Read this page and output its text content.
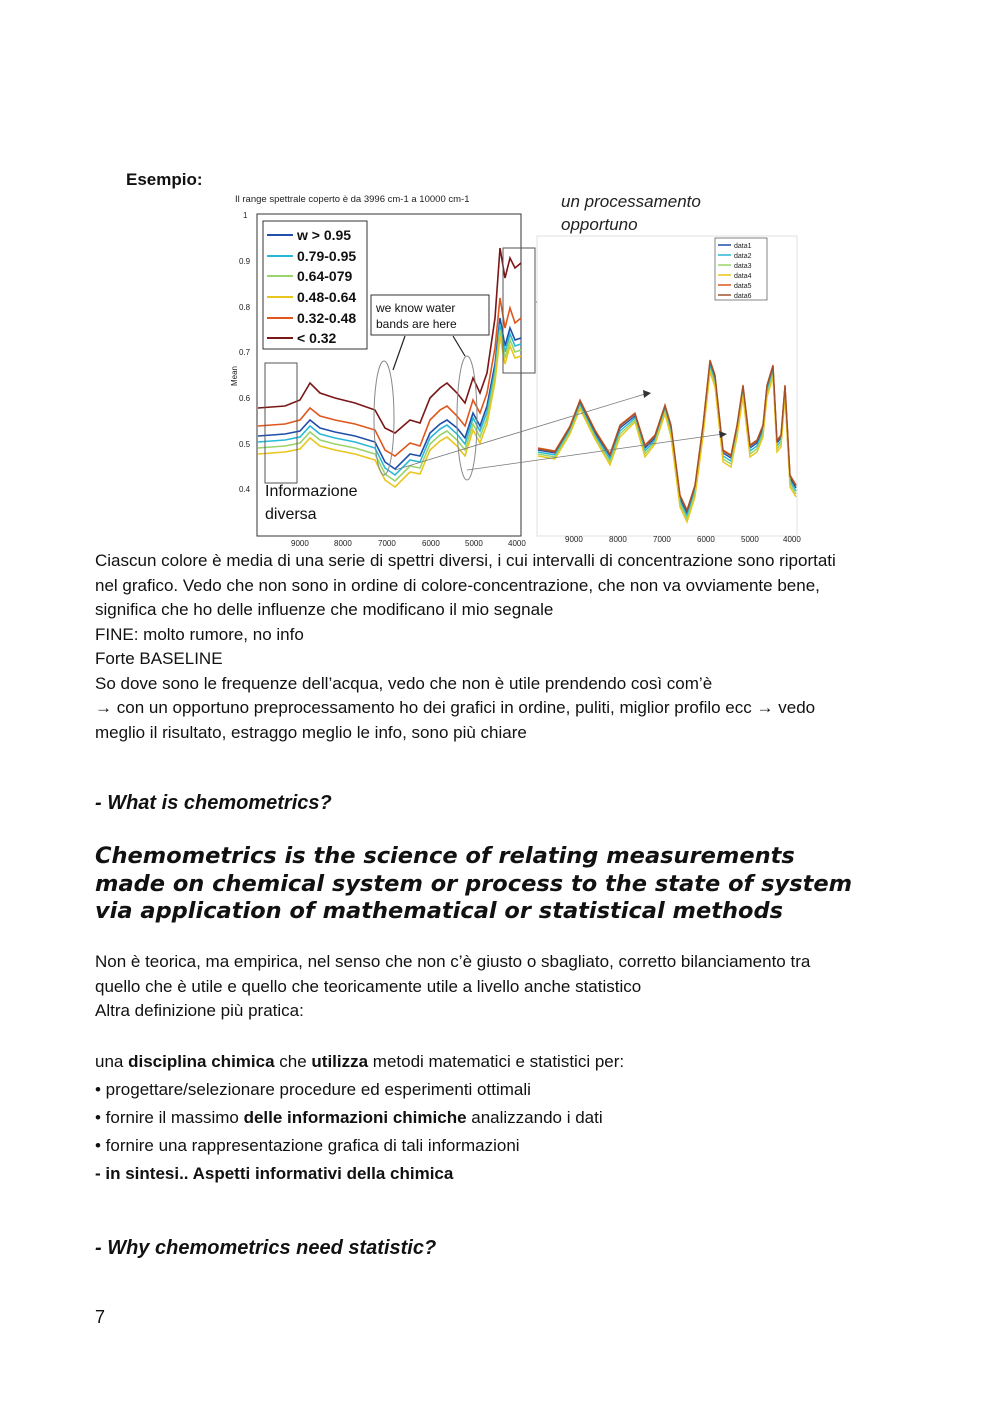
Esempio:
Il range spettrale coperto è da 3996 cm-1 a 10000 cm-1
Mean
1
0.9
0.8
0.7
0.6
0.5
0.4
9000	8000	7000	6000	5000	4000
w > 0.95
0.79-0.95
0.64-079
0.48-0.64
0.32-0.48
< 0.32
we know water
bands are here
Informazione
diversa
un processamento
opportuno
data1
data2
data3
data4
data5
data6
9000	8000	7000	6000	5000	4000
Ciascun colore è media di una serie di spettri diversi, i cui intervalli di concentrazione sono riportati
nel grafico. Vedo che non sono in ordine di colore-concentrazione, che non va ovviamente bene,
significa che ho delle influenze che modificano il mio segnale
FINE: molto rumore, no info
Forte BASELINE
So dove sono le frequenze dell’acqua, vedo che non è utile prendendo così com’è
→ con un opportuno preprocessamento ho dei grafici in ordine, puliti, miglior profilo ecc → vedo
meglio il risultato, estraggo meglio le info, sono più chiare
- What is chemometrics?
Chemometrics is the science of relating measurements
made on chemical system or process to the state of system
via application of mathematical or statistical methods
Non è teorica, ma empirica, nel senso che non c’è giusto o sbagliato, corretto bilanciamento tra
quello che è utile e quello che teoricamente utile a livello anche statistico
Altra definizione più pratica:
una disciplina chimica che utilizza metodi matematici e statistici per:
• progettare/selezionare procedure ed esperimenti ottimali
• fornire il massimo delle informazioni chimiche analizzando i dati
• fornire una rappresentazione grafica di tali informazioni
- in sintesi.. Aspetti informativi della chimica
- Why chemometrics need statistic?
7
